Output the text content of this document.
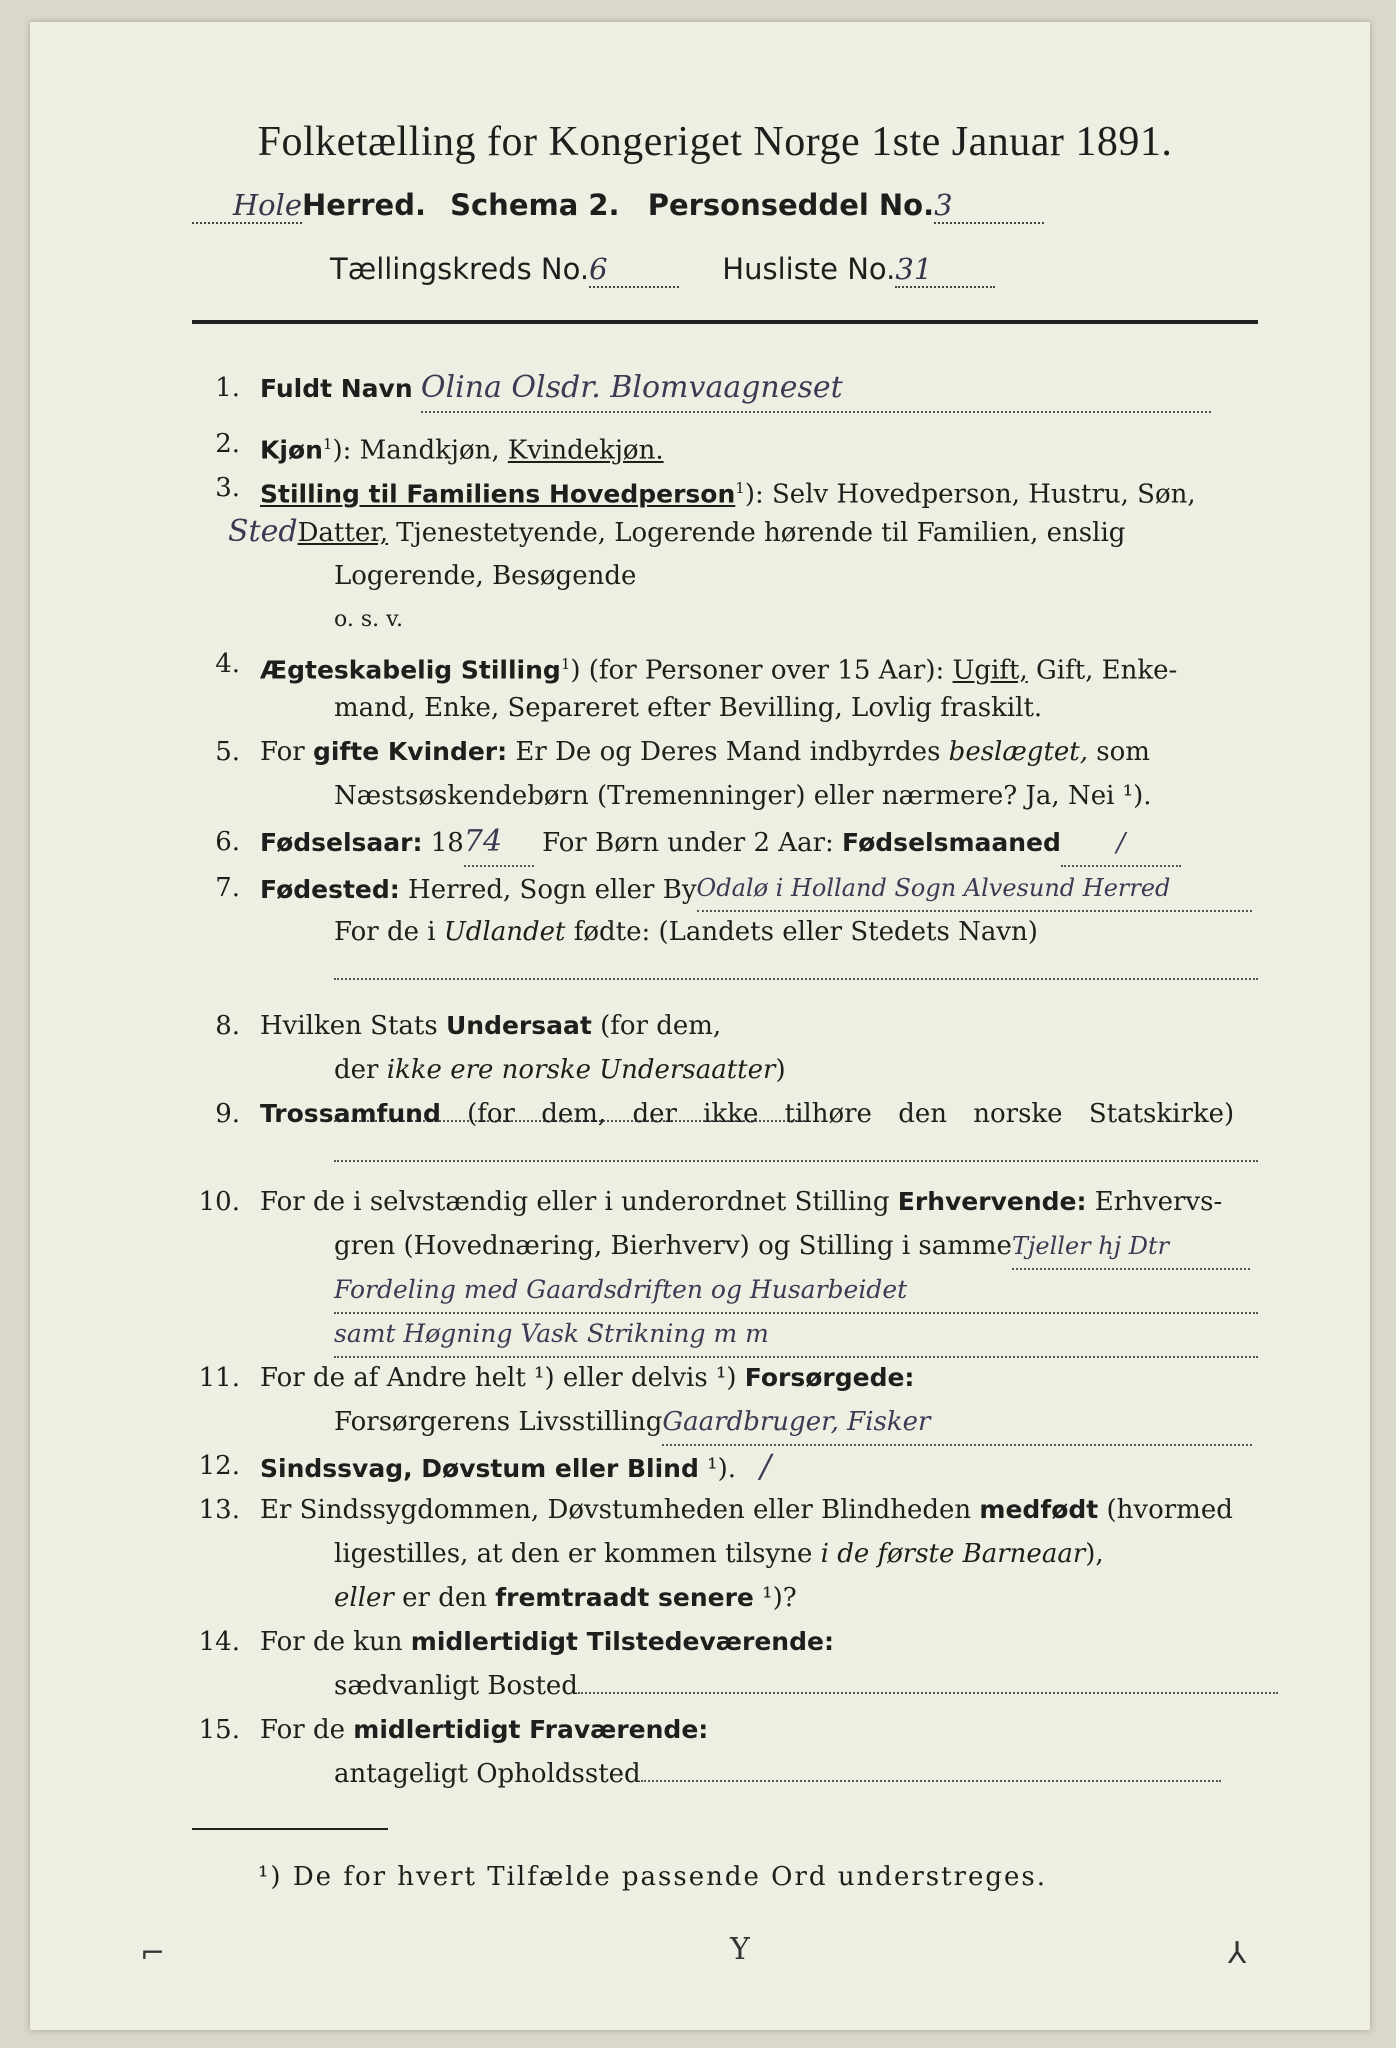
Folketælling for Kongeriget Norge 1ste Januar 1891.
HoleHerred. Schema 2. Personseddel No.3
Tællingskreds No.6	Husliste No.31
1. Fuldt Navn Olina Olsdr. Blomvaagneset
2. Kjøn$^1$): Mandkjøn, Kvindekjøn.
3. Stilling til Familiens Hovedperson$^1$): Selv Hovedperson, Hustru, Søn,
StedDatter, Tjenestetyende, Logerende hørende til Familien, enslig
Logerende, Besøgende
o. s. v.
4. Ægteskabelig Stilling$^1$) (for Personer over 15 Aar): Ugift, Gift, Enke-
mand, Enke, Separeret efter Bevilling, Lovlig fraskilt.
5. For gifte Kvinder: Er De og Deres Mand indbyrdes beslægtet, som
Næstsøskendebørn (Tremenninger) eller nærmere? Ja, Nei ¹).
6. Fødselsaar: 1874 For Børn under 2 Aar: Fødselsmaaned /
7. Fødested: Herred, Sogn eller ByOdalø i Holland Sogn Alvesund Herred
For de i Udlandet fødte: (Landets eller Stedets Navn)
8. Hvilken Stats Undersaat (for dem,
der ikke ere norske Undersaatter)
9. Trossamfund (for dem, der ikke tilhøre den norske Statskirke)
10. For de i selvstændig eller i underordnet Stilling Erhvervende: Erhvervs-
gren (Hovednæring, Bierhverv) og Stilling i sammeTjeller hj Dtr
Fordeling med Gaardsdriften og Husarbeidet
samt Høgning Vask Strikning m m
11. For de af Andre helt ¹) eller delvis ¹) Forsørgede:
Forsørgerens LivsstillingGaardbruger, Fisker
12. Sindssvag, Døvstum eller Blind ¹). /
13. Er Sindssygdommen, Døvstumheden eller Blindheden medfødt (hvormed
ligestilles, at den er kommen tilsyne i de første Barneaar),
eller er den fremtraadt senere ¹)?
14. For de kun midlertidigt Tilstedeværende:
sædvanligt Bosted
15. For de midlertidigt Fraværende:
antageligt Opholdssted
¹) De for hvert Tilfælde passende Ord understreges.
⌐	Y	⅄
